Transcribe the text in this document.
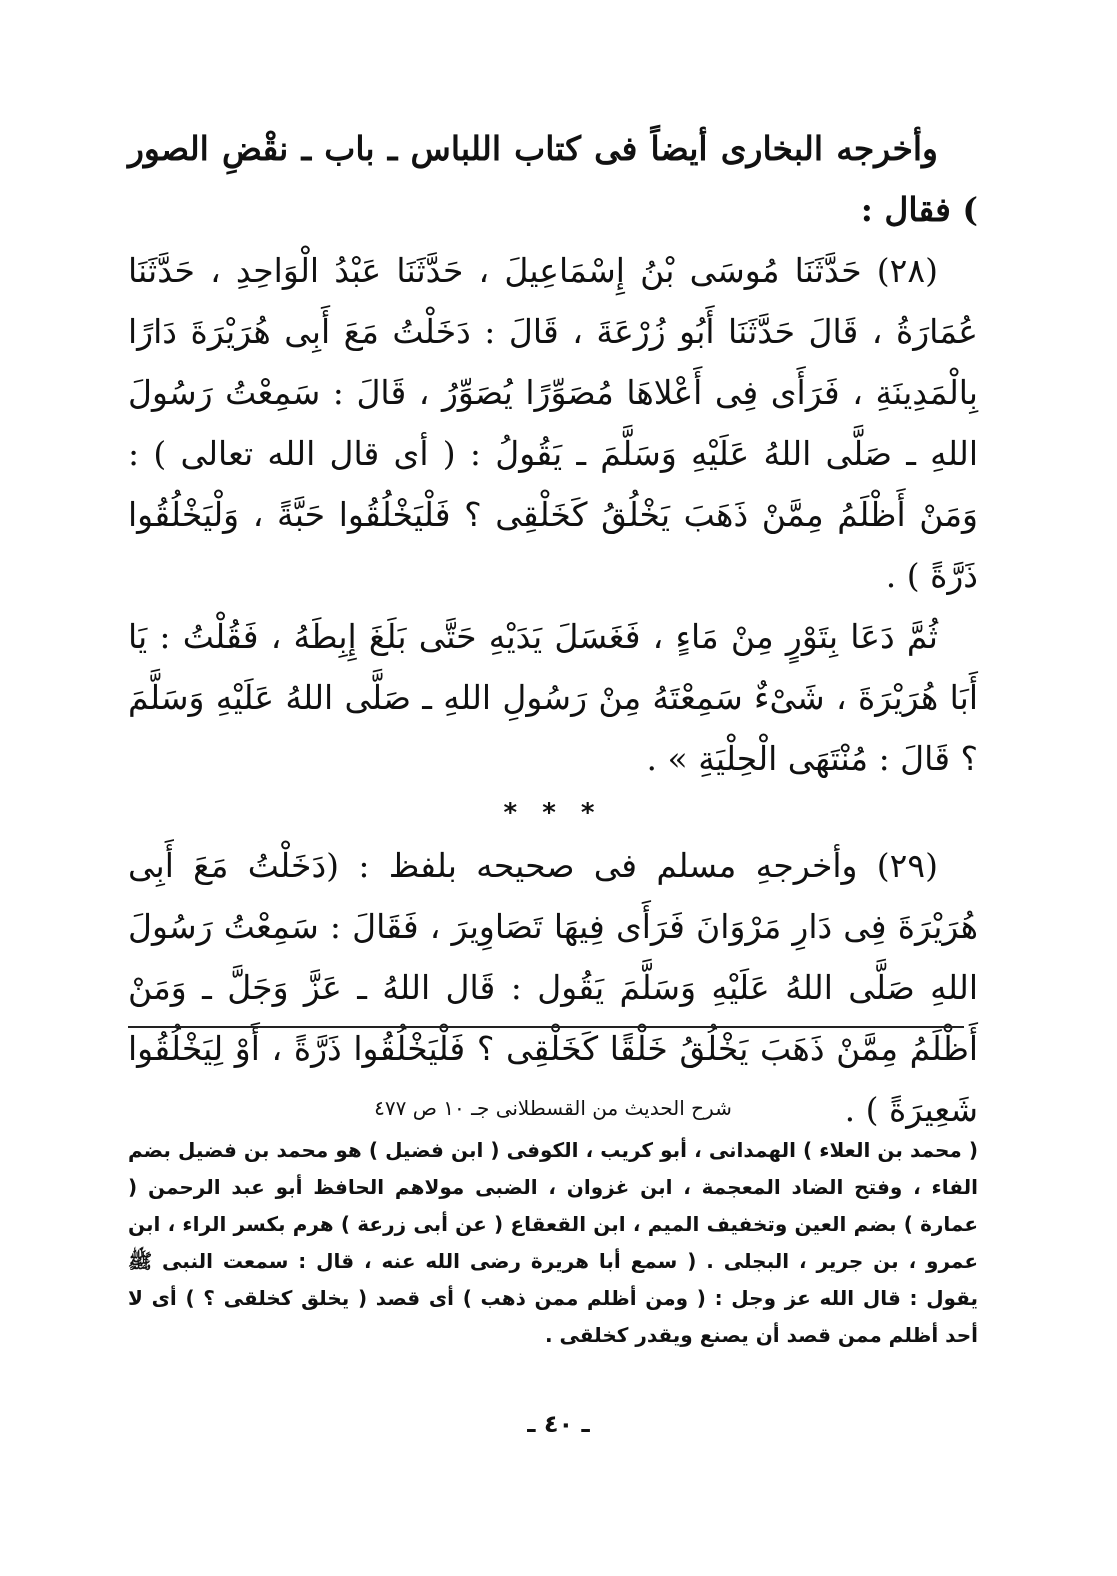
وأخرجه البخارى أيضاً فى كتاب اللباس ـ باب ـ نقْضِ الصور ) فقال :

(٢٨) حَدَّثَنَا مُوسَى بْنُ إِسْمَاعِيلَ ، حَدَّثَنَا عَبْدُ الْوَاحِدِ ، حَدَّثَنَا عُمَارَةُ ، قَالَ حَدَّثَنَا أَبُو زُرْعَةَ ، قَالَ : دَخَلْتُ مَعَ أَبِى هُرَيْرَةَ دَارًا بِالْمَدِينَةِ ، فَرَأَى فِى أَعْلاهَا مُصَوِّرًا يُصَوِّرُ ، قَالَ : سَمِعْتُ رَسُولَ اللهِ ـ صَلَّى اللهُ عَلَيْهِ وَسَلَّمَ ـ يَقُولُ : ( أى قال الله تعالى ) : وَمَنْ أَظْلَمُ مِمَّنْ ذَهَبَ يَخْلُقُ كَخَلْقِى ؟ فَلْيَخْلُقُوا حَبَّةً ، وَلْيَخْلُقُوا ذَرَّةً ) .

ثُمَّ دَعَا بِتَوْرٍ مِنْ مَاءٍ ، فَغَسَلَ يَدَيْهِ حَتَّى بَلَغَ إِبِطَهُ ، فَقُلْتُ : يَا أَبَا هُرَيْرَةَ ، شَىْءٌ سَمِعْتَهُ مِنْ رَسُولِ اللهِ ـ صَلَّى اللهُ عَلَيْهِ وَسَلَّمَ ؟ قَالَ : مُنْتَهَى الْحِلْيَةِ » .

* * *

(٢٩) وأخرجهِ مسلم فى صحيحه بلفظ : (دَخَلْتُ مَعَ أَبِى هُرَيْرَةَ فِى دَارِ مَرْوَانَ فَرَأَى فِيهَا تَصَاوِيرَ ، فَقَالَ : سَمِعْتُ رَسُولَ اللهِ صَلَّى اللهُ عَلَيْهِ وَسَلَّمَ يَقُول : قَال اللهُ ـ عَزَّ وَجَلَّ ـ وَمَنْ أَظْلَمُ مِمَّنْ ذَهَبَ يَخْلُقُ خَلْقًا كَخَلْقِى ؟ فَلْيَخْلُقُوا ذَرَّةً ، أَوْ لِيَخْلُقُوا شَعِيرَةً ) .

شرح الحديث من القسطلانى جـ ١٠ ص ٤٧٧

( محمد بن العلاء ) الهمدانى ، أبو كريب ، الكوفى ( ابن فضيل ) هو محمد بن فضيل بضم الفاء ، وفتح الضاد المعجمة ، ابن غزوان ، الضبى مولاهم الحافظ أبو عبد الرحمن ( عمارة ) بضم العين وتخفيف الميم ، ابن القعقاع ( عن أبى زرعة ) هرم بكسر الراء ، ابن عمرو ، بن جرير ، البجلى . ( سمع أبا هريرة رضى الله عنه ، قال : سمعت النبى ﷺ يقول : قال الله عز وجل : ( ومن أظلم ممن ذهب ) أى قصد ( يخلق كخلقى ؟ ) أى لا أحد أظلم ممن قصد أن يصنع ويقدر كخلقى .

ـ ٤٠ ـ
